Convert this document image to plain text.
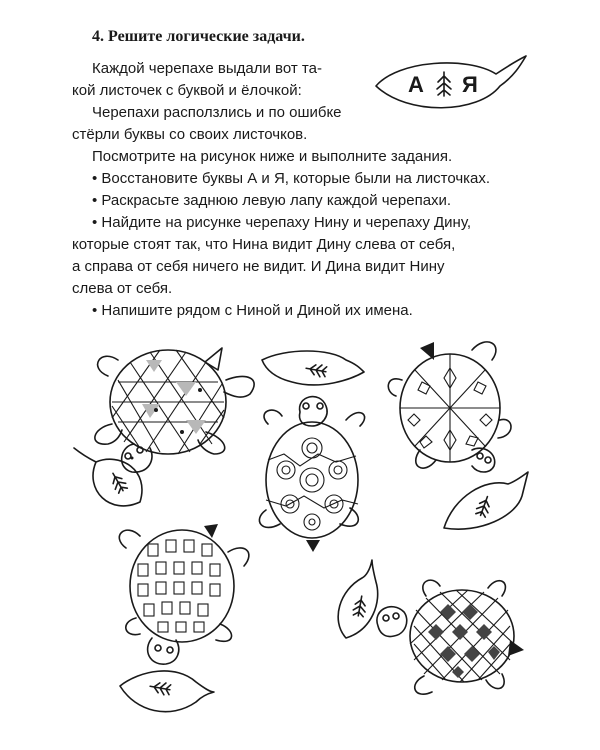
4. Решите логические задачи.
Каждой черепахе выдали вот та-
кой листочек с буквой и ёлочкой:
Черепахи расползлись и по ошибке
стёрли буквы со своих листочков.
Посмотрите на рисунок ниже и выполните задания.
А Я
• Восстановите буквы А и Я, которые были на листочках.
• Раскрасьте заднюю левую лапу каждой черепахи.
• Найдите на рисунке черепаху Нину и черепаху Дину,
которые стоят так, что Нина видит Дину слева от себя,
а справа от себя ничего не видит. И Дина видит Нину
слева от себя.
• Напишите рядом с Ниной и Диной их имена.
